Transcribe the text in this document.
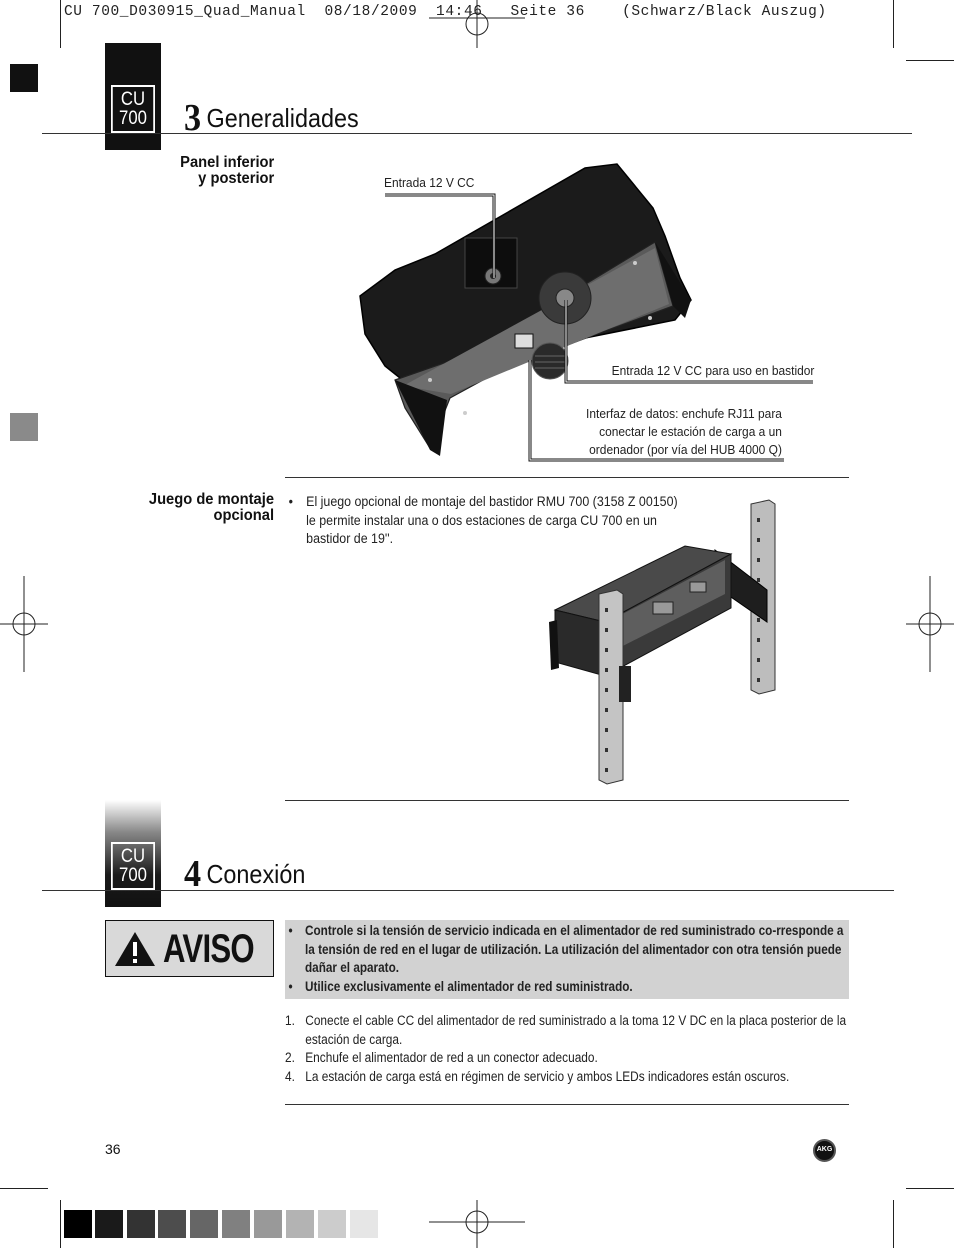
CU 700_D030915_Quad_Manual  08/18/2009  14:46   Seite 36    (Schwarz/Black Auszug)
CU
700 3 Generalidades
Panel inferior
y posterior	Entrada 12 V CC
Entrada 12 V CC para uso en bastidor
Interfaz de datos: enchufe RJ11 para
conectar le estación de carga a un
ordenador (por vía del HUB 4000 Q)
Juego de montaje
opcional
• El juego opcional de montaje del bastidor RMU 700 (3158 Z 00150) le permite instalar una o dos estaciones de carga CU 700 en un bastidor de 19''.
CU
700 4 Conexión
AVISO
•	Controle si la tensión de servicio indicada en el alimentador de red suministrado co-rresponde a la tensión de red en el lugar de utilización. La utilización del alimentador con otra tensión puede dañar el aparato.
• Utilice exclusivamente el alimentador de red suministrado.
1. Conecte el cable CC del alimentador de red suministrado a la toma 12 V DC en la placa posterior de la estación de carga.
2. Enchufe el alimentador de red a un conector adecuado.
4. La estación de carga está en régimen de servicio y ambos LEDs indicadores están oscuros.
36	AKG
